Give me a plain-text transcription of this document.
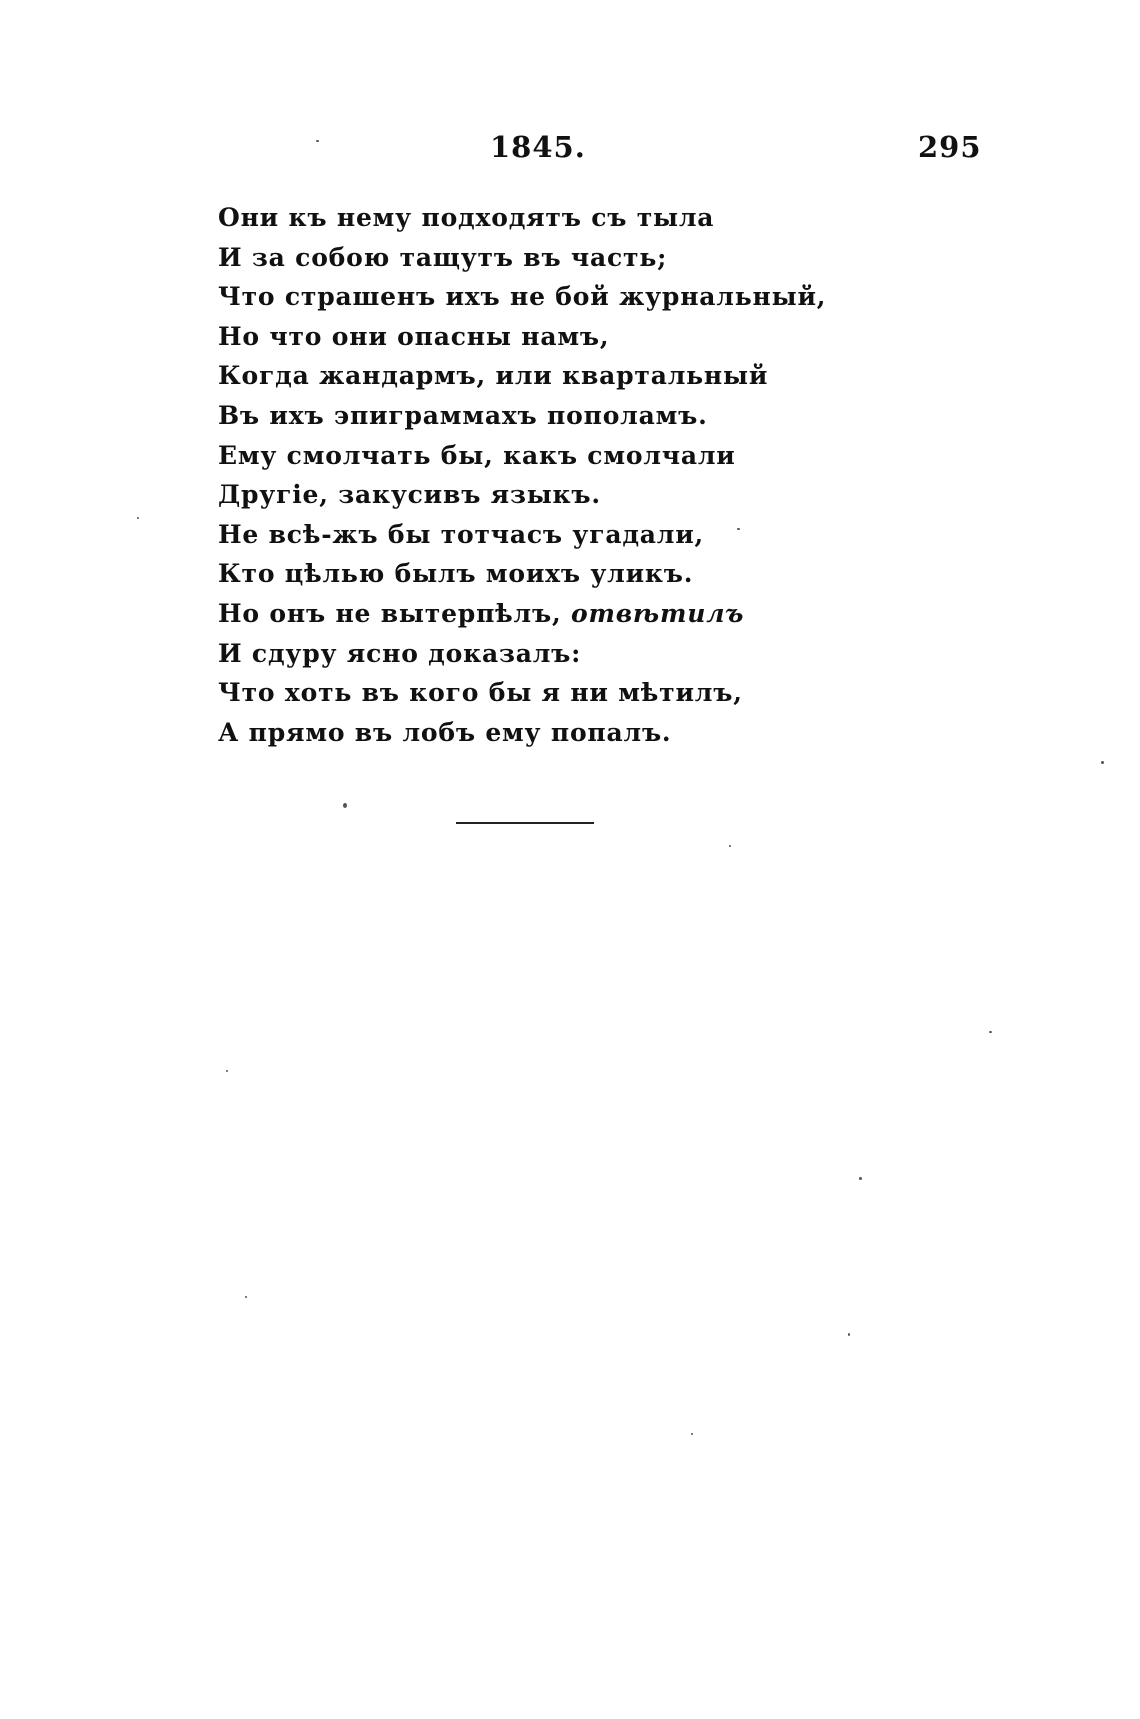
1845.	295
Они къ нему подходятъ съ тыла
И за собою тащутъ въ часть;
Что страшенъ ихъ не бой журнальный,
Но что они опасны намъ,
Когда жандармъ, или квартальный
Въ ихъ эпиграммахъ пополамъ.
Ему смолчать бы, какъ смолчали
Другіе, закусивъ языкъ.
Не всѣ-жъ бы тотчасъ угадали,
Кто цѣлью былъ моихъ уликъ.
Но онъ не вытерпѣлъ, отвѣтилъ
И сдуру ясно доказалъ:
Что хоть въ кого бы я ни мѣтилъ,
А прямо въ лобъ ему попалъ.
